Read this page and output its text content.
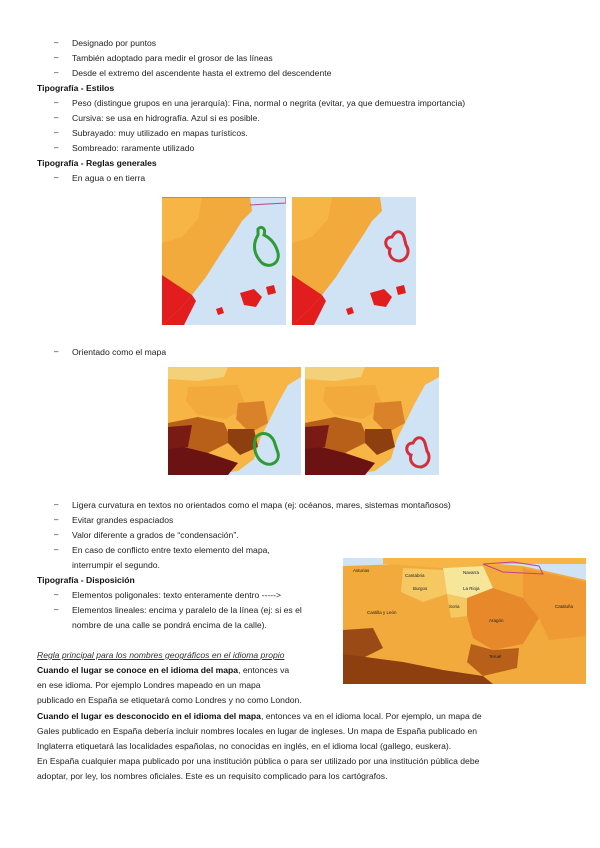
– Designado por puntos
– También adoptado para medir el grosor de las líneas
– Desde el extremo del ascendente hasta el extremo del descendente
Tipografía - Estilos
– Peso (distingue grupos en una jerarquía): Fina, normal o negrita (evitar, ya que demuestra importancia)
– Cursiva: se usa en hidrografía. Azul si es posible.
– Subrayado: muy utilizado en mapas turísticos.
– Sombreado: raramente utilizado
Tipografía - Reglas generales
– En agua o en tierra
– Orientado como el mapa
– Ligera curvatura en textos no orientados como el mapa (ej: océanos, mares, sistemas montañosos)
– Evitar grandes espaciados
– Valor diferente a grados de “condensación”.
– En caso de conflicto entre texto elemento del mapa,
interrumpir el segundo.
Tipografía - Disposición
– Elementos poligonales: texto enteramente dentro ----->
– Elementos lineales: encima y paralelo de la línea (ej: si es el
nombre de una calle se pondrá encima de la calle).
Cantabria
Navarra
Asturias
La Rioja
Burgos
Soria
Castilla y León
Aragón
Cataluña
Teruel
Regla principal para los nombres geográficos en el idioma propio
Cuando el lugar se conoce en el idioma del mapa, entonces va
en ese idioma. Por ejemplo Londres mapeado en un mapa
publicado en España se etiquetará como Londres y no como London.
Cuando el lugar es desconocido en el idioma del mapa, entonces va en el idioma local. Por ejemplo, un mapa de
Gales publicado en España debería incluir nombres locales en lugar de ingleses. Un mapa de España publicado en
Inglaterra etiquetará las localidades españolas, no conocidas en inglés, en el idioma local (gallego, euskera).
En España cualquier mapa publicado por una institución pública o para ser utilizado por una institución pública debe
adoptar, por ley, los nombres oficiales. Este es un requisito complicado para los cartógrafos.
